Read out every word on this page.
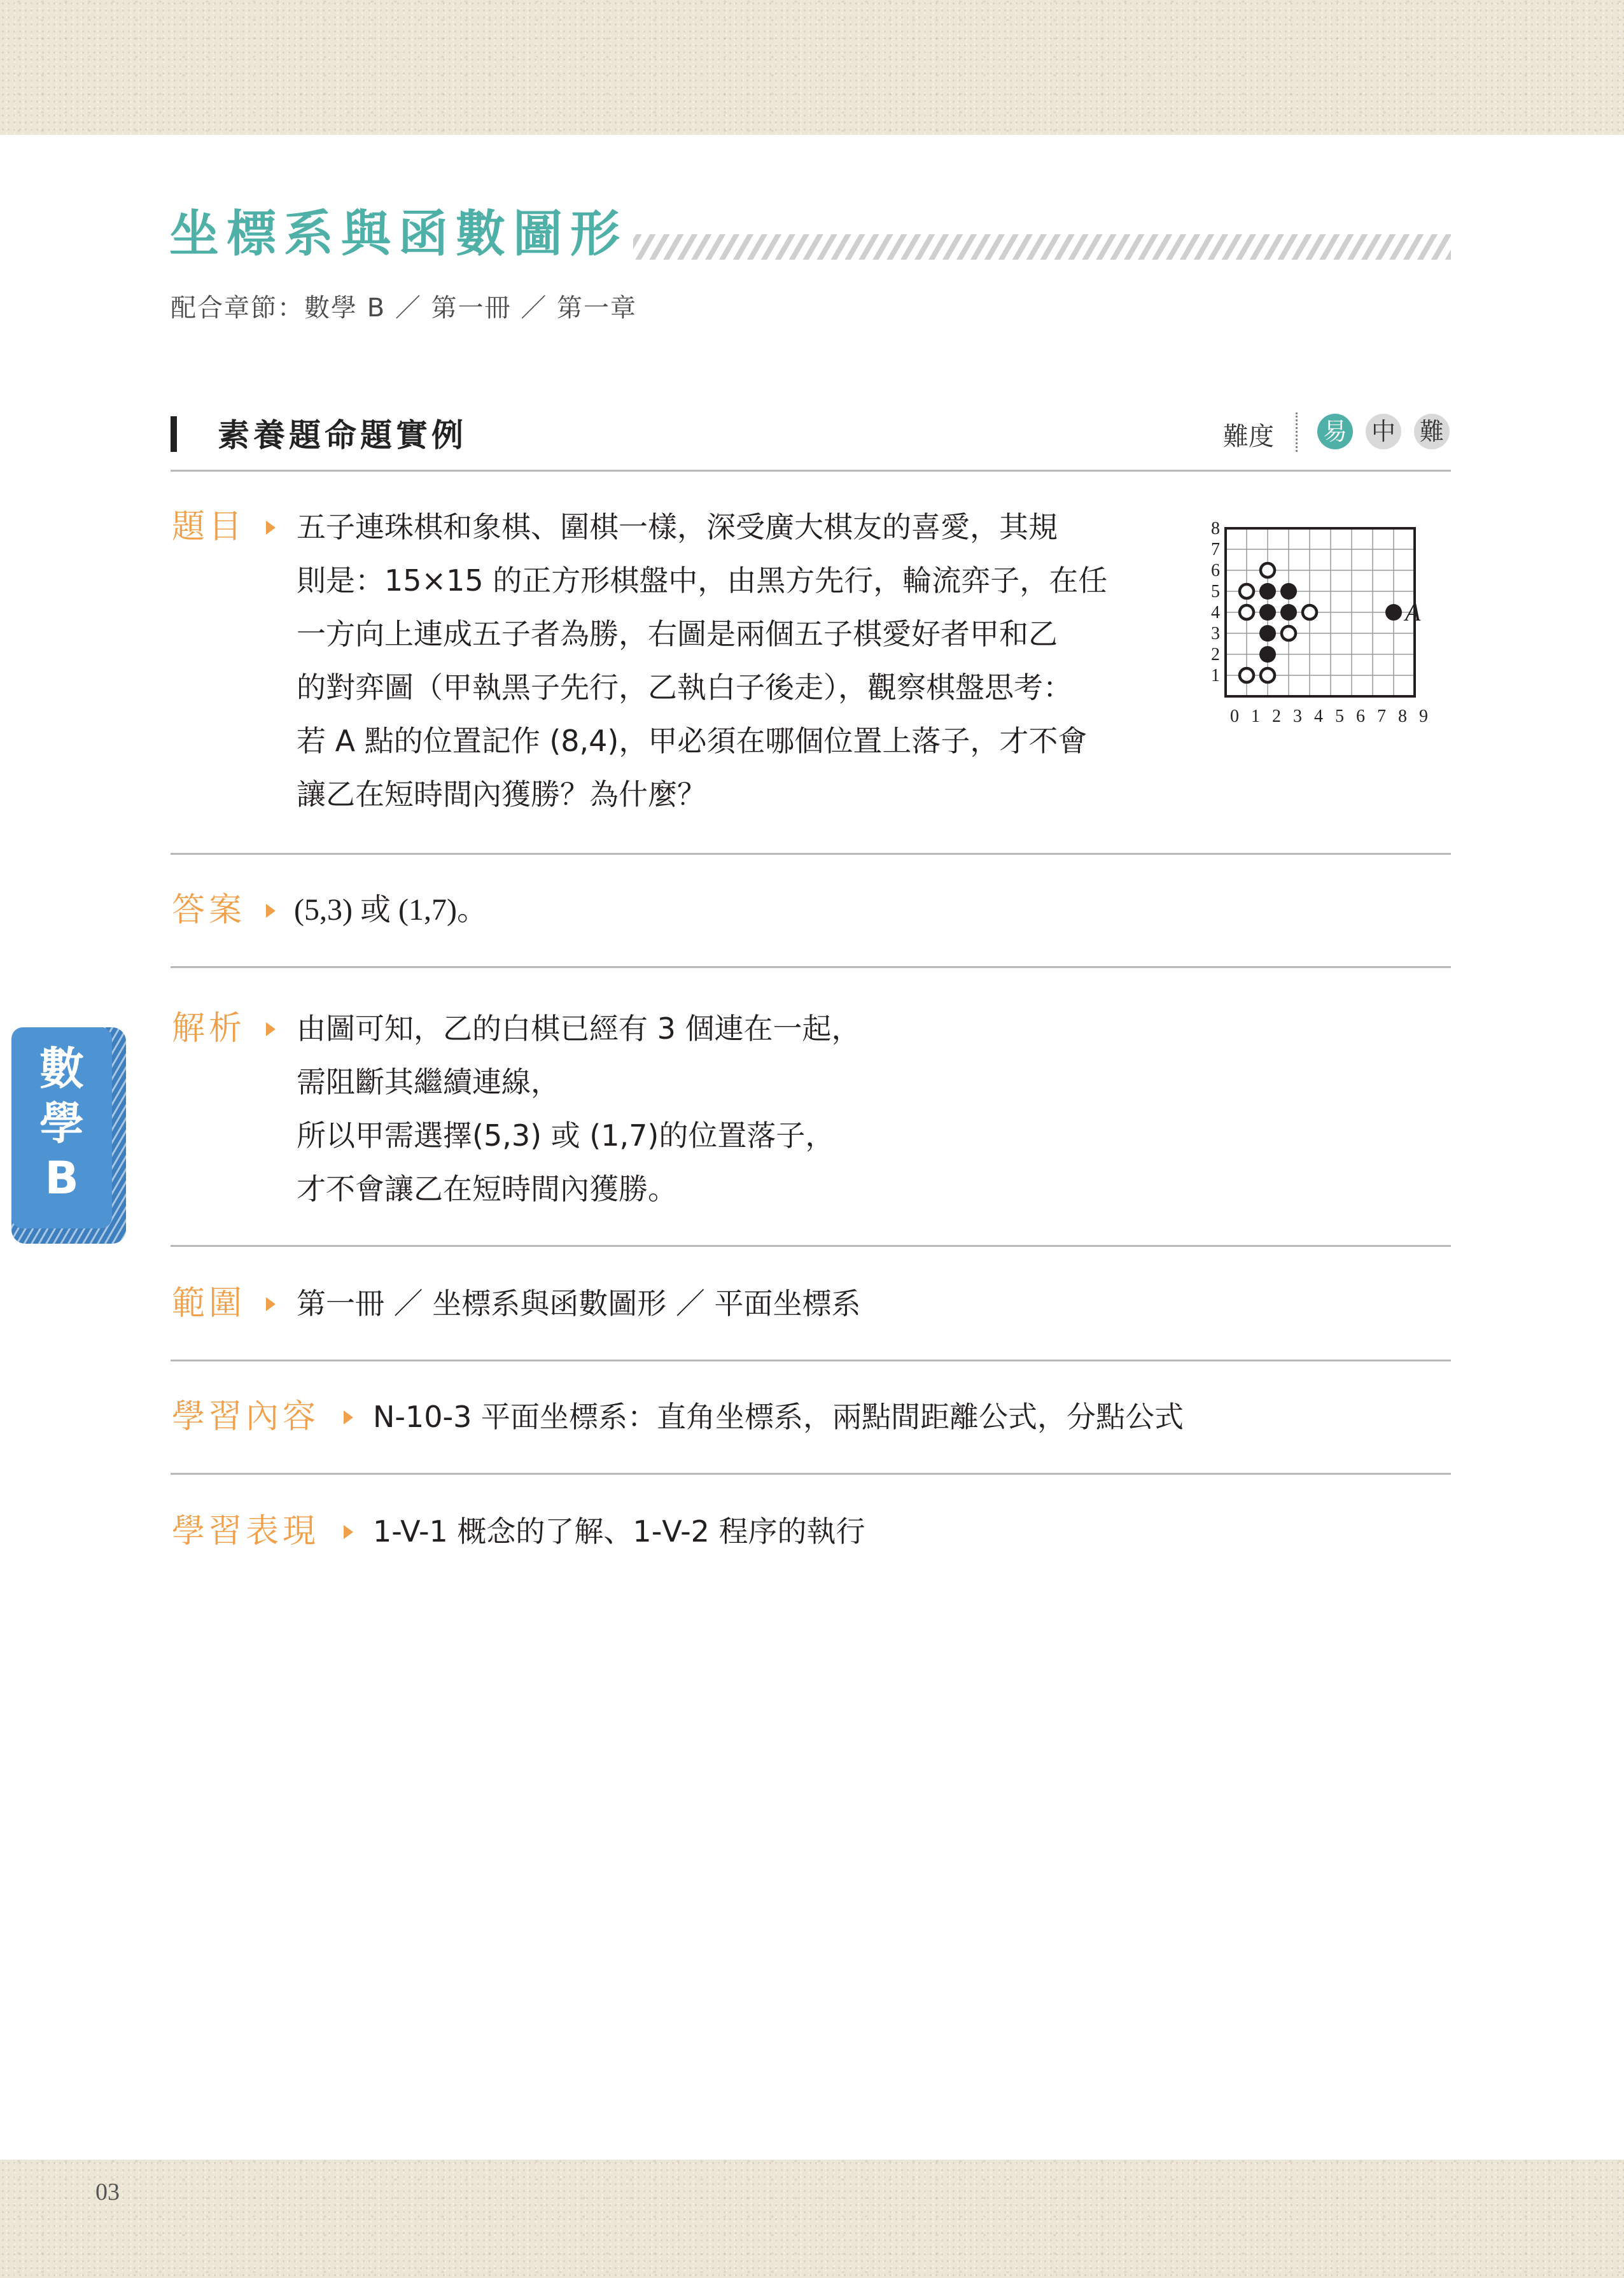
坐標系與函數圖形
配合章節：數學 B ／ 第一冊 ／ 第一章
素養題命題實例	難度 易 中 難
題目 五子連珠棋和象棋、圍棋一樣，深受廣大棋友的喜愛，其規
則是：15×15 的正方形棋盤中，由黑方先行，輪流弈子，在任
一方向上連成五子者為勝，右圖是兩個五子棋愛好者甲和乙
的對弈圖（甲執黑子先行，乙執白子後走），觀察棋盤思考：
若 A 點的位置記作 (8,4)，甲必須在哪個位置上落子，才不會
讓乙在短時間內獲勝？為什麼？
8
7
6
5
4
3
2
1
0 1 2 3 4 5 6 7 8 9
A
答案 (5,3) 或 (1,7)。
解析 由圖可知，乙的白棋已經有 3 個連在一起，
需阻斷其繼續連線，
所以甲需選擇(5,3) 或 (1,7)的位置落子，
才不會讓乙在短時間內獲勝。
範圍 第一冊 ／ 坐標系與函數圖形 ／ 平面坐標系
學習內容 N-10-3 平面坐標系：直角坐標系，兩點間距離公式，分點公式
學習表現 1-V-1 概念的了解、1-V-2 程序的執行
數
學
B
03
